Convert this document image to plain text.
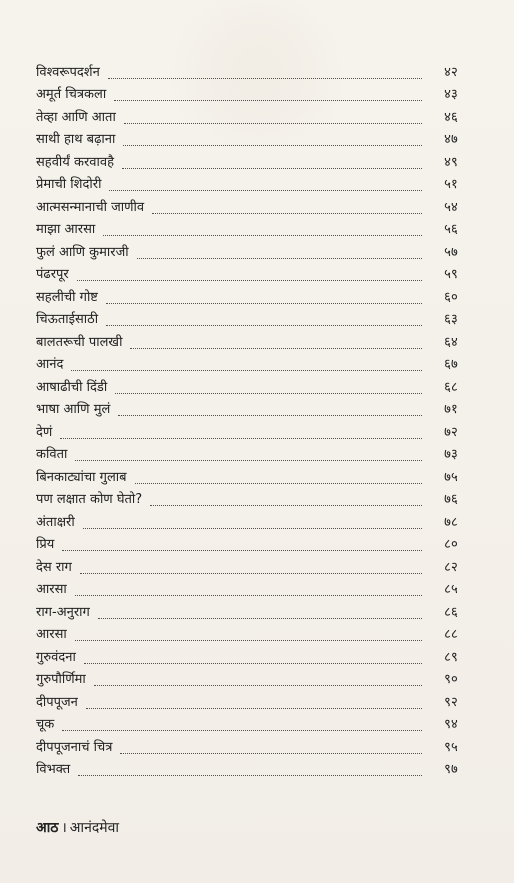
विश्वरूपदर्शन	४२
अमूर्त चित्रकला	४३
तेव्हा आणि आता	४६
साथी हाथ बढ़ाना	४७
सहवीर्यं करवावहै	४९
प्रेमाची शिदोरी	५१
आत्मसन्मानाची जाणीव	५४
माझा आरसा	५६
फुलं आणि कुमारजी	५७
पंढरपूर	५९
सहलीची गोष्ट	६०
चिऊताईसाठी	६३
बालतरूची पालखी	६४
आनंद	६७
आषाढीची दिंडी	६८
भाषा आणि मुलं	७१
देणं	७२
कविता	७३
बिनकाट्यांचा गुलाब	७५
पण लक्षात कोण घेतो?	७६
अंताक्षरी	७८
प्रिय	८०
देस राग	८२
आरसा	८५
राग-अनुराग	८६
आरसा	८८
गुरुवंदना	८९
गुरुपौर्णिमा	९०
दीपपूजन	९२
चूक	९४
दीपपूजनाचं चित्र	९५
विभक्त	९७
आठ । आनंदमेवा
